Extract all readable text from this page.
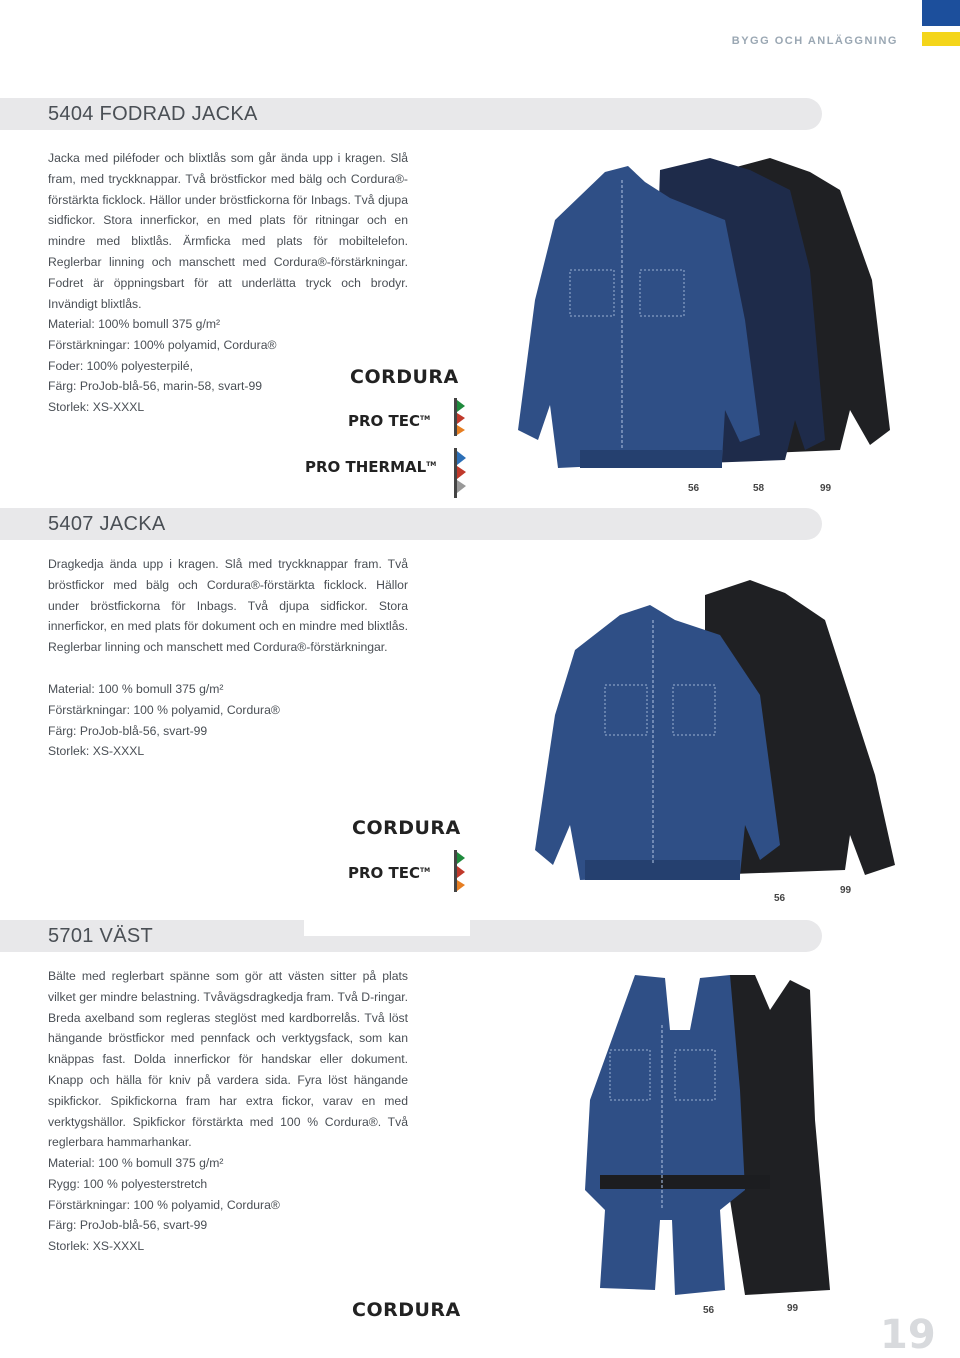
BYGG OCH ANLÄGGNING
5404 FODRAD JACKA
Jacka med piléfoder och blixtlås som går ända upp i kragen. Slå fram, med tryckknappar. Två bröstfickor med bälg och Cordura®-förstärkta ficklock. Hällor under bröstfickorna för Inbags. Två djupa sidfickor. Stora innerfickor, en med plats för ritningar och en mindre med blixtlås. Ärmficka med plats för mobiltelefon. Reglerbar linning och manschett med Cordura®-förstärkningar. Fodret är öppningsbart för att underlätta tryck och brodyr. Invändigt blixtlås.
Material: 100% bomull 375 g/m²
Förstärkningar: 100% polyamid, Cordura®
Foder: 100% polyesterpilé,
Färg: ProJob-blå-56, marin-58, svart-99
Storlek: XS-XXXL
CORDURA
PRO TEC™
PRO THERMAL™
56	58	99
5407 JACKA
Dragkedja ända upp i kragen. Slå med tryckknappar fram. Två bröstfickor med bälg och Cordura®-förstärkta ficklock. Hällor under bröstfickorna för Inbags. Två djupa sidfickor. Stora innerfickor, en med plats för dokument och en mindre med blixtlås. Reglerbar linning och manschett med Cordura®-förstärkningar.
Material: 100 % bomull 375 g/m²
Förstärkningar: 100 % polyamid, Cordura®
Färg: ProJob-blå-56, svart-99
Storlek: XS-XXXL
CORDURA
PRO TEC™
56
99
5701 VÄST
Bälte med reglerbart spänne som gör att västen sitter på plats vilket ger mindre belastning. Tvåvägsdragkedja fram. Två D-ringar. Breda axelband som regleras steglöst med kardborrelås. Två löst hängande bröstfickor med pennfack och verktygsfack, som kan knäppas fast. Dolda innerfickor för handskar eller dokument. Knapp och hälla för kniv på vardera sida. Fyra löst hängande spikfickor. Spikfickorna fram har extra fickor, varav en med verktygshällor. Spikfickor förstärkta med 100 % Cordura®. Två reglerbara hammarhankar.
Material: 100 % bomull 375 g/m²
Rygg: 100 % polyesterstretch
Förstärkningar: 100 % polyamid, Cordura®
Färg: ProJob-blå-56, svart-99
Storlek: XS-XXXL
CORDURA	56	99
19
